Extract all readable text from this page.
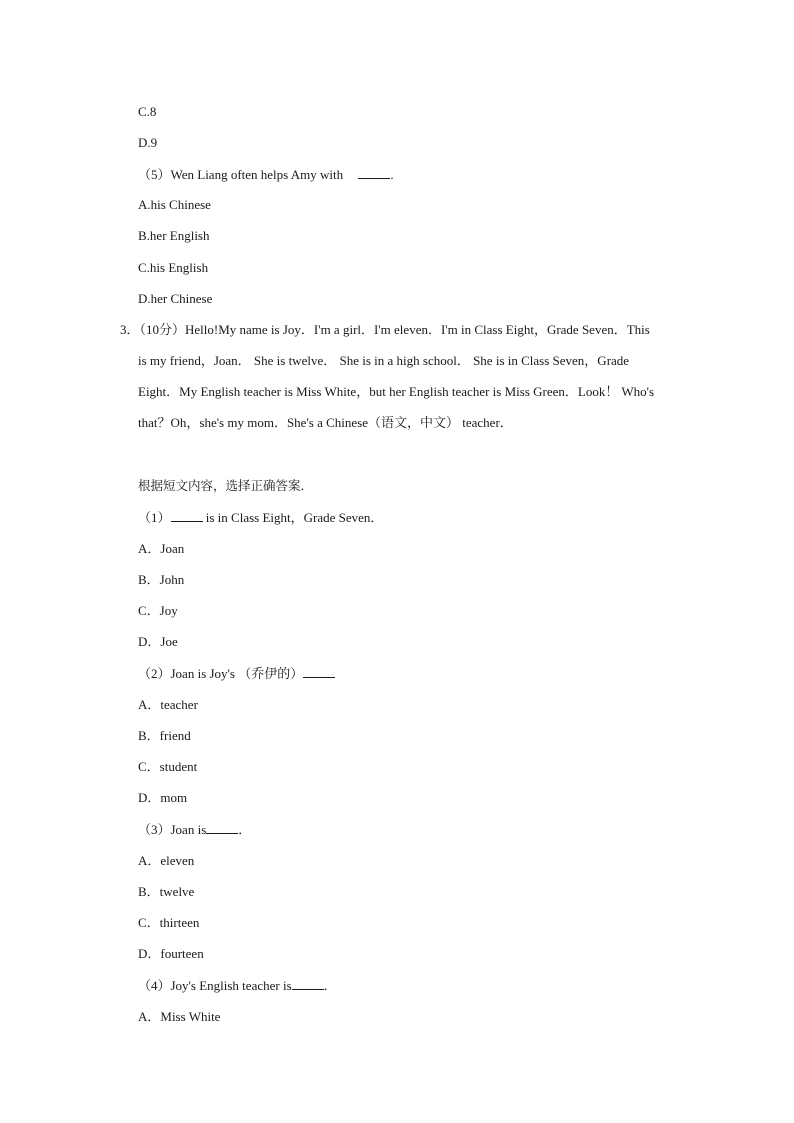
C.8
D.9
（5）Wen Liang often helps Amy with	.
A.his Chinese
B.her English
C.his English
D.her Chinese
3．（10分）Hello!My name is Joy．I'm a girl．I'm eleven．I'm in Class Eight，Grade Seven．This
is my friend，Joan． She is twelve． She is in a high school． She is in Class Seven，Grade
Eight．My English teacher is Miss White，but her English teacher is Miss Green．Look！ Who's
that？Oh，she's my mom．She's a Chinese（语文，中文） teacher．
根据短文内容，选择正确答案．
（1） is in Class Eight，Grade Seven．
A．Joan
B．John
C．Joy
D．Joe
（2）Joan is Joy's （乔伊的）
A．teacher
B．friend
C．student
D．mom
（3）Joan is ．
A．eleven
B．twelve
C．thirteen
D．fourteen
（4）Joy's English teacher is ．
A．Miss White
